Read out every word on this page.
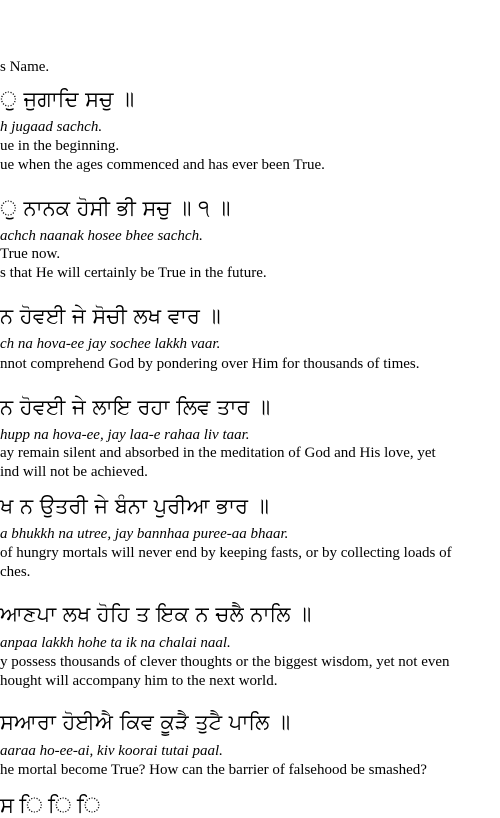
s Name.
ੁ ਜੁਗਾਦਿ ਸਚੁ ॥
h jugaad sachch.
ue in the beginning.
ue when the ages commenced and has ever been True.
ੁ ਨਾਨਕ ਹੋਸੀ ਭੀ ਸਚੁ ॥ ੧ ॥
achch naanak hosee bhee sachch.
True now.
s that He will certainly be True in the future.
ਨ ਹੋਵਈ ਜੇ ਸੋਚੀ ਲਖ ਵਾਰ ॥
ch na hova-ee jay sochee lakkh vaar.
nnot comprehend God by pondering over Him for thousands of times.
ਨ ਹੋਵਈ ਜੇ ਲਾਇ ਰਹਾ ਲਿਵ ਤਾਰ ॥
hupp na hova-ee, jay laa-e rahaa liv taar.
ay remain silent and absorbed in the meditation of God and His love, yet
ind will not be achieved.
ਖ ਨ ਉਤਰੀ ਜੇ ਬੰਨਾ ਪੁਰੀਆ ਭਾਰ ॥
a bhukkh na utree, jay bannhaa puree-aa bhaar.
of hungry mortals will never end by keeping fasts, or by collecting loads of
ches.
ਆਣਪਾ ਲਖ ਹੋਹਿ ਤ ਇਕ ਨ ਚਲੈ ਨਾਲਿ ॥
anpaa lakkh hohe ta ik na chalai naal.
y possess thousands of clever thoughts or the biggest wisdom, yet not even
hought will accompany him to the next world.
ਸਆਰਾ ਹੋਈਐ ਕਿਵ ਕੂੜੈ ਤੁਟੈ ਪਾਲਿ ॥
aaraa ho-ee-ai, kiv koorai tutai paal.
he mortal become True? How can the barrier of falsehood be smashed?
ਸ ਿ ਿ ਿ
